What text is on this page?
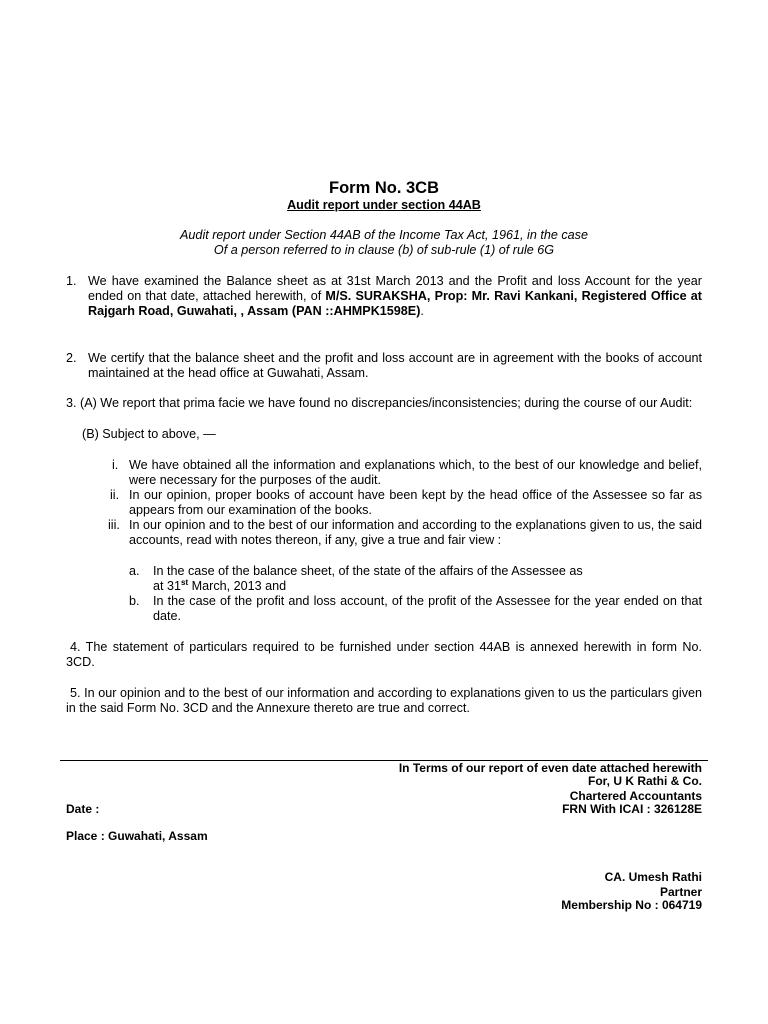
Form No. 3CB
Audit report under section 44AB
Audit report under Section 44AB of the Income Tax Act, 1961, in the case
Of a person referred to in clause (b) of sub-rule (1) of rule 6G
1. We have examined the Balance sheet as at 31st March 2013 and the Profit and loss Account for the year ended on that date, attached herewith, of M/S. SURAKSHA, Prop: Mr. Ravi Kankani, Registered Office at Rajgarh Road, Guwahati, , Assam (PAN ::AHMPK1598E).
2. We certify that the balance sheet and the profit and loss account are in agreement with the books of account maintained at the head office at Guwahati, Assam.
3. (A) We report that prima facie we have found no discrepancies/inconsistencies; during the course of our Audit:
(B) Subject to above, —
i. We have obtained all the information and explanations which, to the best of our knowledge and belief, were necessary for the purposes of the audit.
ii. In our opinion, proper books of account have been kept by the head office of the Assessee so far as appears from our examination of the books.
iii. In our opinion and to the best of our information and according to the explanations given to us, the said accounts, read with notes thereon, if any, give a true and fair view :
a. In the case of the balance sheet, of the state of the affairs of the Assessee as
at 31st March, 2013 and
b. In the case of the profit and loss account, of the profit of the Assessee for the year ended on that date.
4. The statement of particulars required to be furnished under section 44AB is annexed herewith in form No. 3CD.
5. In our opinion and to the best of our information and according to explanations given to us the particulars given in the said Form No. 3CD and the Annexure thereto are true and correct.
In Terms of our report of even date attached herewith
For, U K Rathi & Co.
Chartered Accountants
FRN With ICAI : 326128E
Date :
Place : Guwahati, Assam
CA. Umesh Rathi
Partner
Membership No : 064719
